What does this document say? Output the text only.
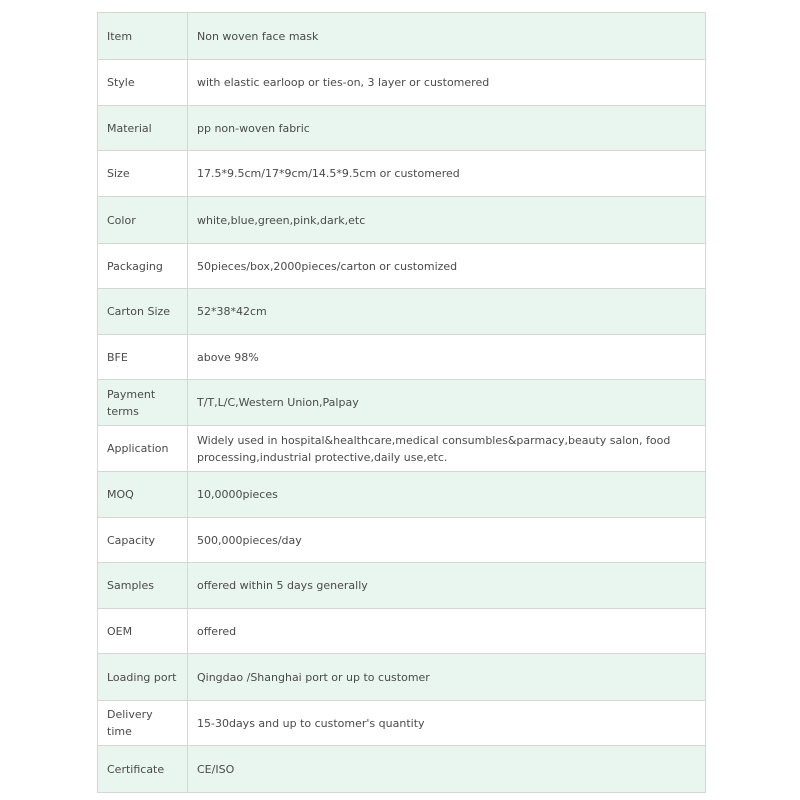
Item	Non woven face mask
Style	with elastic earloop or ties-on, 3 layer or customered
Material	pp non-woven fabric
Size	17.5*9.5cm/17*9cm/14.5*9.5cm or customered
Color	white,blue,green,pink,dark,etc
Packaging	50pieces/box,2000pieces/carton or customized
Carton Size	52*38*42cm
BFE	above 98%
Payment terms	T/T,L/C,Western Union,Palpay
Application	Widely used in hospital&healthcare,medical consumbles&parmacy,beauty salon, food processing,industrial protective,daily use,etc.
MOQ	10,0000pieces
Capacity	500,000pieces/day
Samples	offered within 5 days generally
OEM	offered
Loading port	Qingdao /Shanghai port or up to customer
Delivery time	15-30days and up to customer's quantity
Certificate	CE/ISO
